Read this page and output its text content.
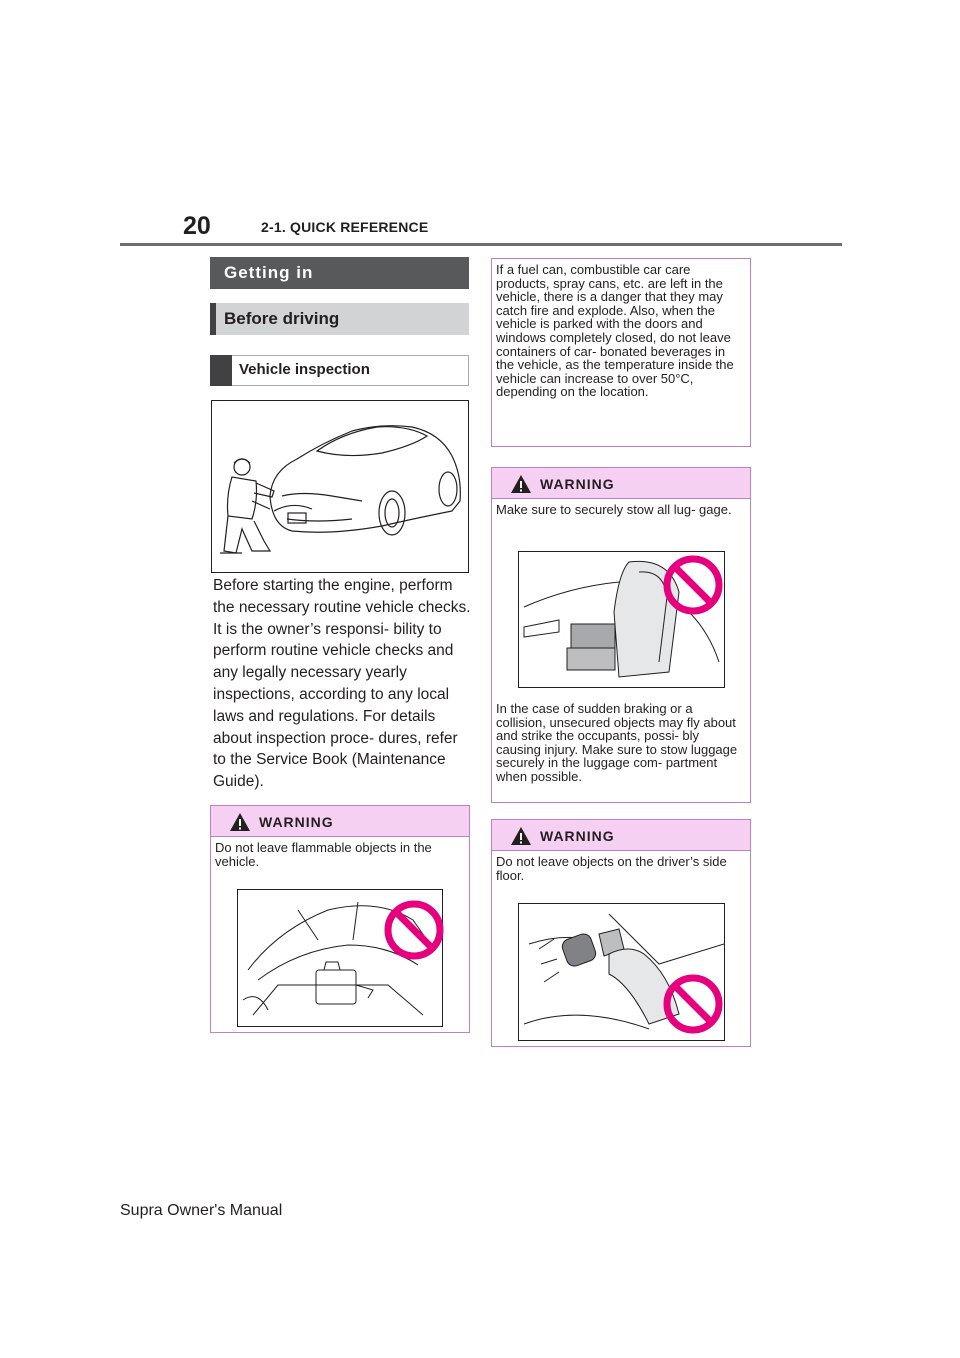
20	2-1. QUICK REFERENCE
Getting in
Before driving
Vehicle inspection
Before starting the engine, perform the necessary routine vehicle checks. It is the owner’s responsi- bility to perform routine vehicle checks and any legally necessary yearly inspections, according to any local laws and regulations. For details about inspection proce- dures, refer to the Service Book (Maintenance Guide).
WARNING
Do not leave flammable objects in the vehicle.
If a fuel can, combustible car care products, spray cans, etc. are left in the vehicle, there is a danger that they may catch fire and explode. Also, when the vehicle is parked with the doors and windows completely closed, do not leave containers of car- bonated beverages in the vehicle, as the temperature inside the vehicle can increase to over 50°C, depending on the location.
WARNING
Make sure to securely stow all lug- gage.
In the case of sudden braking or a collision, unsecured objects may fly about and strike the occupants, possi- bly causing injury. Make sure to stow luggage securely in the luggage com- partment when possible.
WARNING
Do not leave objects on the driver’s side floor.
Supra Owner's Manual
